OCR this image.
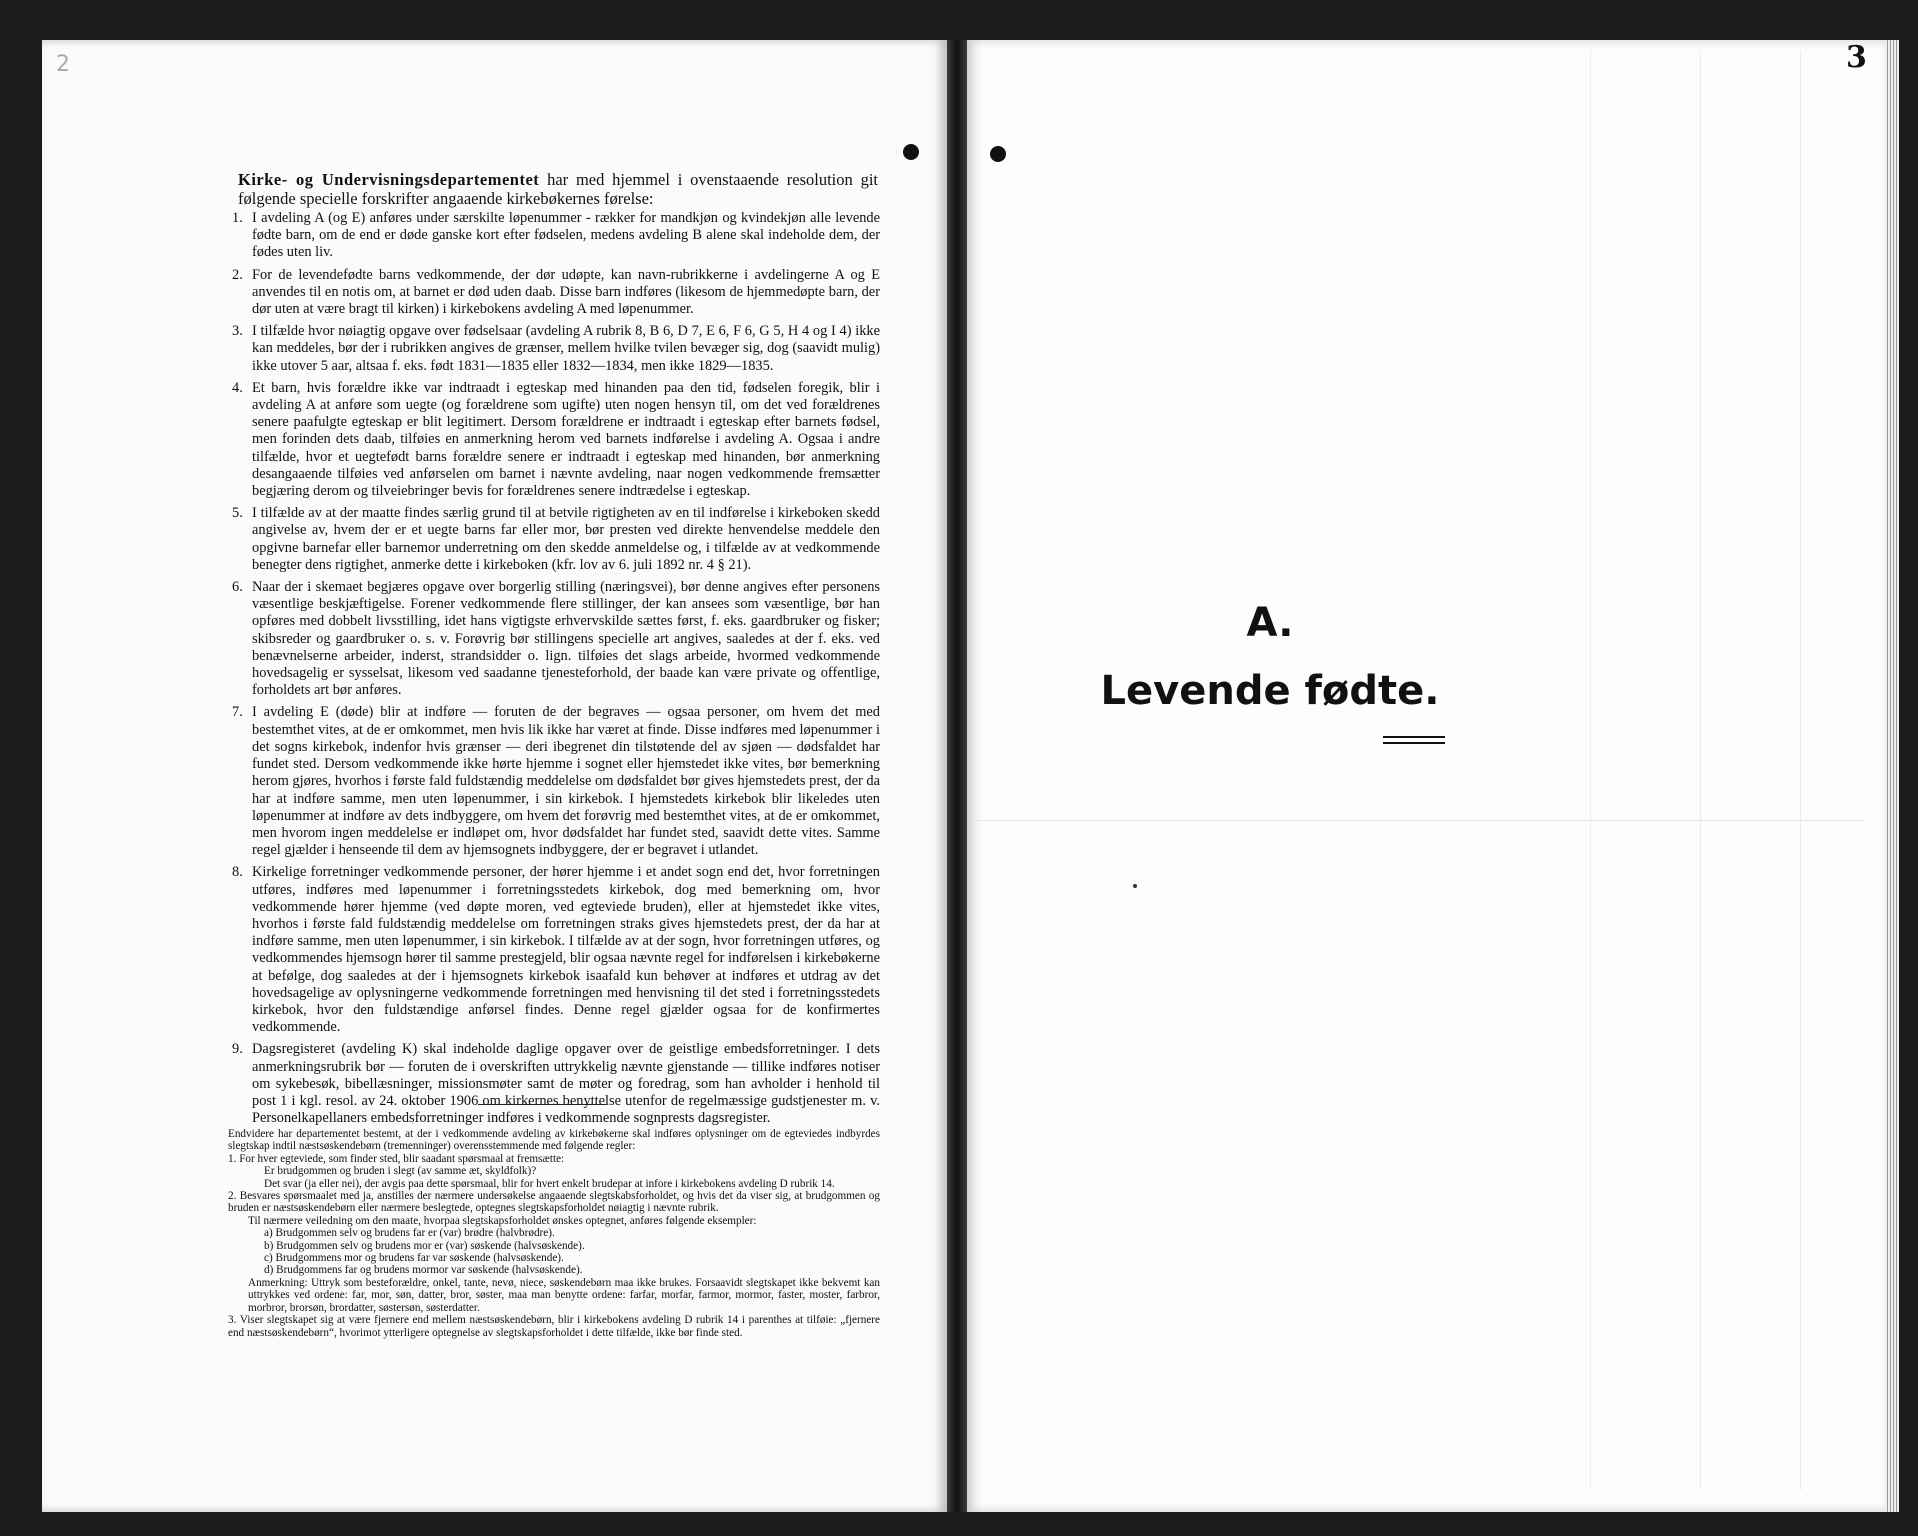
2
Kirke- og Undervisningsdepartementet har med hjemmel i ovenstaaende resolution git følgende specielle forskrifter angaaende kirkebøkernes førelse:
1. I avdeling A (og E) anføres under særskilte løpenummer - rækker for mandkjøn og kvindekjøn alle levende fødte barn, om de end er døde ganske kort efter fødselen, medens avdeling B alene skal indeholde dem, der fødes uten liv.
2. For de levendefødte barns vedkommende, der dør udøpte, kan navn-rubrikkerne i avdelingerne A og E anvendes til en notis om, at barnet er død uden daab. Disse barn indføres (likesom de hjemmedøpte barn, der dør uten at være bragt til kirken) i kirkebokens avdeling A med løpenummer.
3. I tilfælde hvor nøiagtig opgave over fødselsaar (avdeling A rubrik 8, B 6, D 7, E 6, F 6, G 5, H 4 og I 4) ikke kan meddeles, bør der i rubrikken angives de grænser, mellem hvilke tvilen bevæger sig, dog (saavidt mulig) ikke utover 5 aar, altsaa f. eks. født 1831—1835 eller 1832—1834, men ikke 1829—1835.
4. Et barn, hvis forældre ikke var indtraadt i egteskap med hinanden paa den tid, fødselen foregik, blir i avdeling A at anføre som uegte (og forældrene som ugifte) uten nogen hensyn til, om det ved forældrenes senere paafulgte egteskap er blit legitimert. Dersom forældrene er indtraadt i egteskap efter barnets fødsel, men forinden dets daab, tilføies en anmerkning herom ved barnets indførelse i avdeling A. Ogsaa i andre tilfælde, hvor et uegtefødt barns forældre senere er indtraadt i egteskap med hinanden, bør anmerkning desangaaende tilføies ved anførselen om barnet i nævnte avdeling, naar nogen vedkommende fremsætter begjæring derom og tilveiebringer bevis for forældrenes senere indtrædelse i egteskap.
5. I tilfælde av at der maatte findes særlig grund til at betvile rigtigheten av en til indførelse i kirkeboken skedd angivelse av, hvem der er et uegte barns far eller mor, bør presten ved direkte henvendelse meddele den opgivne barnefar eller barnemor underretning om den skedde anmeldelse og, i tilfælde av at vedkommende benegter dens rigtighet, anmerke dette i kirkeboken (kfr. lov av 6. juli 1892 nr. 4 § 21).
6. Naar der i skemaet begjæres opgave over borgerlig stilling (næringsvei), bør denne angives efter personens væsentlige beskjæftigelse. Forener vedkommende flere stillinger, der kan ansees som væsentlige, bør han opføres med dobbelt livsstilling, idet hans vigtigste erhvervskilde sættes først, f. eks. gaardbruker og fisker; skibsreder og gaardbruker o. s. v. Forøvrig bør stillingens specielle art angives, saaledes at der f. eks. ved benævnelserne arbeider, inderst, strandsidder o. lign. tilføies det slags arbeide, hvormed vedkommende hovedsagelig er sysselsat, likesom ved saadanne tjenesteforhold, der baade kan være private og offentlige, forholdets art bør anføres.
7. I avdeling E (døde) blir at indføre — foruten de der begraves — ogsaa personer, om hvem det med bestemthet vites, at de er omkommet, men hvis lik ikke har været at finde. Disse indføres med løpenummer i det sogns kirkebok, indenfor hvis grænser — deri ibegrenet din tilstøtende del av sjøen — dødsfaldet har fundet sted. Dersom vedkommende ikke hørte hjemme i sognet eller hjemstedet ikke vites, bør bemerkning herom gjøres, hvorhos i første fald fuldstændig meddelelse om dødsfaldet bør gives hjemstedets prest, der da har at indføre samme, men uten løpenummer, i sin kirkebok. I hjemstedets kirkebok blir likeledes uten løpenummer at indføre av dets indbyggere, om hvem det forøvrig med bestemthet vites, at de er omkommet, men hvorom ingen meddelelse er indløpet om, hvor dødsfaldet har fundet sted, saavidt dette vites. Samme regel gjælder i henseende til dem av hjemsognets indbyggere, der er begravet i utlandet.
8. Kirkelige forretninger vedkommende personer, der hører hjemme i et andet sogn end det, hvor forretningen utføres, indføres med løpenummer i forretningsstedets kirkebok, dog med bemerkning om, hvor vedkommende hører hjemme (ved døpte moren, ved egteviede bruden), eller at hjemstedet ikke vites, hvorhos i første fald fuldstændig meddelelse om forretningen straks gives hjemstedets prest, der da har at indføre samme, men uten løpenummer, i sin kirkebok. I tilfælde av at der sogn, hvor forretningen utføres, og vedkommendes hjemsogn hører til samme prestegjeld, blir ogsaa nævnte regel for indførelsen i kirkebøkerne at befølge, dog saaledes at der i hjemsognets kirkebok isaafald kun behøver at indføres et utdrag av det hovedsagelige av oplysningerne vedkommende forretningen med henvisning til det sted i forretningsstedets kirkebok, hvor den fuldstændige anførsel findes. Denne regel gjælder ogsaa for de konfirmertes vedkommende.
9. Dagsregisteret (avdeling K) skal indeholde daglige opgaver over de geistlige embedsforretninger. I dets anmerkningsrubrik bør — foruten de i overskriften uttrykkelig nævnte gjenstande — tillike indføres notiser om sykebesøk, bibellæsninger, missionsmøter samt de møter og foredrag, som han avholder i henhold til post 1 i kgl. resol. av 24. oktober 1906 om kirkernes benyttelse utenfor de regelmæssige gudstjenester m. v. Personelkapellaners embedsforretninger indføres i vedkommende sognprests dagsregister.

Endvidere har departementet bestemt, at der i vedkommende avdeling av kirkebøkerne skal indføres oplysninger om de egteviedes indbyrdes slegtskap indtil næstsøskendebørn (tremenninger) overensstemmende med følgende regler:

1. For hver egteviede, som finder sted, blir saadant spørsmaal at fremsætte:

Er brudgommen og bruden i slegt (av samme æt, skyldfolk)?

Det svar (ja eller nei), der avgis paa dette spørsmaal, blir for hvert enkelt brudepar at infore i kirkebokens avdeling D rubrik 14.

2. Besvares spørsmaalet med ja, anstilles der nærmere undersøkelse angaaende slegtskabsforholdet, og hvis det da viser sig, at brudgommen og bruden er næstsøskendebørn eller nærmere beslegtede, optegnes slegtskapsforholdet nøiagtig i nævnte rubrik.

Til nærmere veiledning om den maate, hvorpaa slegtskapsforholdet ønskes optegnet, anføres følgende eksempler:

a) Brudgommen selv og brudens far er (var) brødre (halvbrødre).

b) Brudgommen selv og brudens mor er (var) søskende (halvsøskende).

c) Brudgommens mor og brudens far var søskende (halvsøskende).

d) Brudgommens far og brudens mormor var søskende (halvsøskende).

Anmerkning: Uttryk som besteforældre, onkel, tante, nevø, niece, søskendebørn maa ikke brukes. Forsaavidt slegtskapet ikke bekvemt kan uttrykkes ved ordene: far, mor, søn, datter, bror, søster, maa man benytte ordene: farfar, morfar, farmor, mormor, faster, moster, farbror, morbror, brorsøn, brordatter, søstersøn, søsterdatter.

3. Viser slegtskapet sig at være fjernere end mellem næstsøskendebørn, blir i kirkebokens avdeling D rubrik 14 i parenthes at tilføie: „fjernere end næstsøskendebørn“, hvorimot ytterligere optegnelse av slegtskapsforholdet i dette tilfælde, ikke bør finde sted.

3
A.
Levende fødte.
